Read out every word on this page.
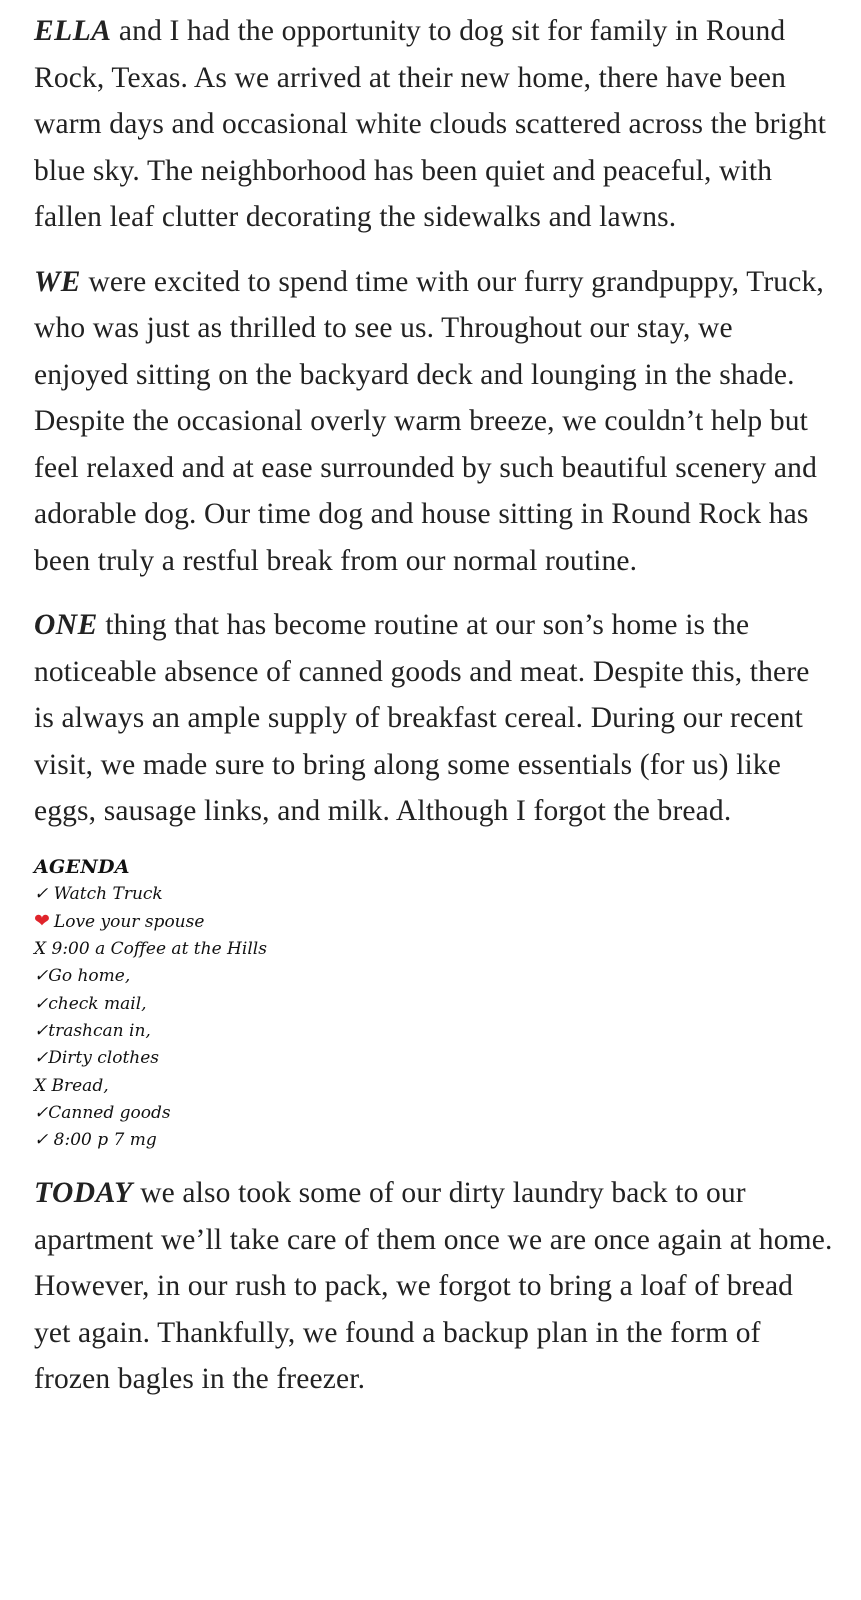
ELLA and I had the opportunity to dog sit for family in Round Rock, Texas. As we arrived at their new home, there have been warm days and occasional white clouds scattered across the bright blue sky. The neighborhood has been quiet and peaceful, with fallen leaf clutter decorating the sidewalks and lawns.

WE were excited to spend time with our furry grandpuppy, Truck, who was just as thrilled to see us. Throughout our stay, we enjoyed sitting on the backyard deck and lounging in the shade. Despite the occasional overly warm breeze, we couldn’t help but feel relaxed and at ease surrounded by such beautiful scenery and adorable dog. Our time dog and house sitting in Round Rock has been truly a restful break from our normal routine.

ONE thing that has become routine at our son’s home is the noticeable absence of canned goods and meat. Despite this, there is always an ample supply of breakfast cereal. During our recent visit, we made sure to bring along some essentials (for us) like eggs, sausage links, and milk. Although I forgot the bread.

AGENDA
✓ Watch Truck
❤ Love your spouse
X 9:00 a Coffee at the Hills
✓Go home,
✓check mail,
✓trashcan in,
✓Dirty clothes
X Bread,
✓Canned goods
✓ 8:00 p 7 mg

TODAY we also took some of our dirty laundry back to our apartment we’ll take care of them once we are once again at home. However, in our rush to pack, we forgot to bring a loaf of bread yet again. Thankfully, we found a backup plan in the form of frozen bagles in the freezer.
